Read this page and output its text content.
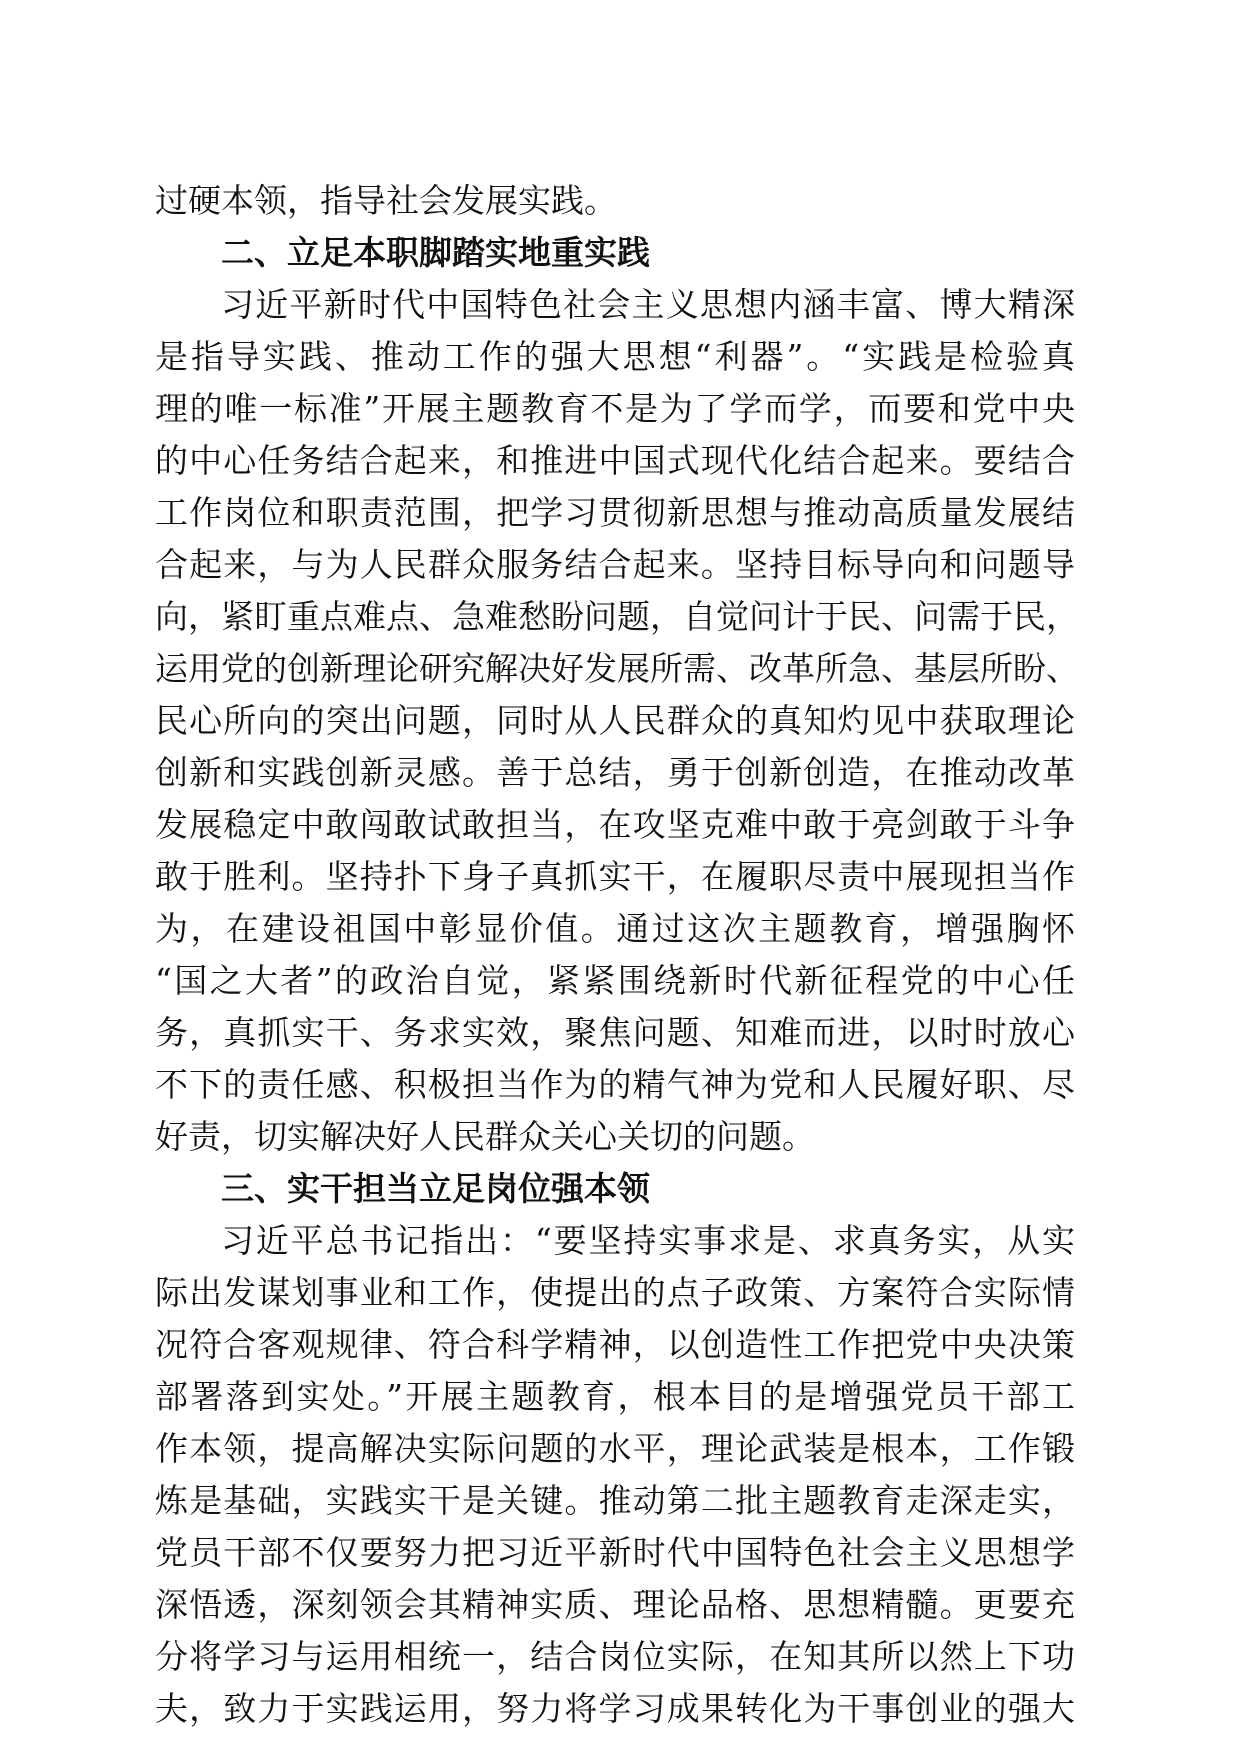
过硬本领，指导社会发展实践。
二、立足本职脚踏实地重实践
习近平新时代中国特色社会主义思想内涵丰富、博大精深
是指导实践、推动工作的强大思想“利器”。“实践是检验真
理的唯一标准”开展主题教育不是为了学而学，而要和党中央
的中心任务结合起来，和推进中国式现代化结合起来。要结合
工作岗位和职责范围，把学习贯彻新思想与推动高质量发展结
合起来，与为人民群众服务结合起来。坚持目标导向和问题导
向，紧盯重点难点、急难愁盼问题，自觉问计于民、问需于民，
运用党的创新理论研究解决好发展所需、改革所急、基层所盼、
民心所向的突出问题，同时从人民群众的真知灼见中获取理论
创新和实践创新灵感。善于总结，勇于创新创造，在推动改革
发展稳定中敢闯敢试敢担当，在攻坚克难中敢于亮剑敢于斗争
敢于胜利。坚持扑下身子真抓实干，在履职尽责中展现担当作
为，在建设祖国中彰显价值。通过这次主题教育，增强胸怀
“国之大者”的政治自觉，紧紧围绕新时代新征程党的中心任
务，真抓实干、务求实效，聚焦问题、知难而进，以时时放心
不下的责任感、积极担当作为的精气神为党和人民履好职、尽
好责，切实解决好人民群众关心关切的问题。
三、实干担当立足岗位强本领
习近平总书记指出：“要坚持实事求是、求真务实，从实
际出发谋划事业和工作，使提出的点子政策、方案符合实际情
况符合客观规律、符合科学精神，以创造性工作把党中央决策
部署落到实处。”开展主题教育，根本目的是增强党员干部工
作本领，提高解决实际问题的水平，理论武装是根本，工作锻
炼是基础，实践实干是关键。推动第二批主题教育走深走实，
党员干部不仅要努力把习近平新时代中国特色社会主义思想学
深悟透，深刻领会其精神实质、理论品格、思想精髓。更要充
分将学习与运用相统一，结合岗位实际，在知其所以然上下功
夫，致力于实践运用，努力将学习成果转化为干事创业的强大
